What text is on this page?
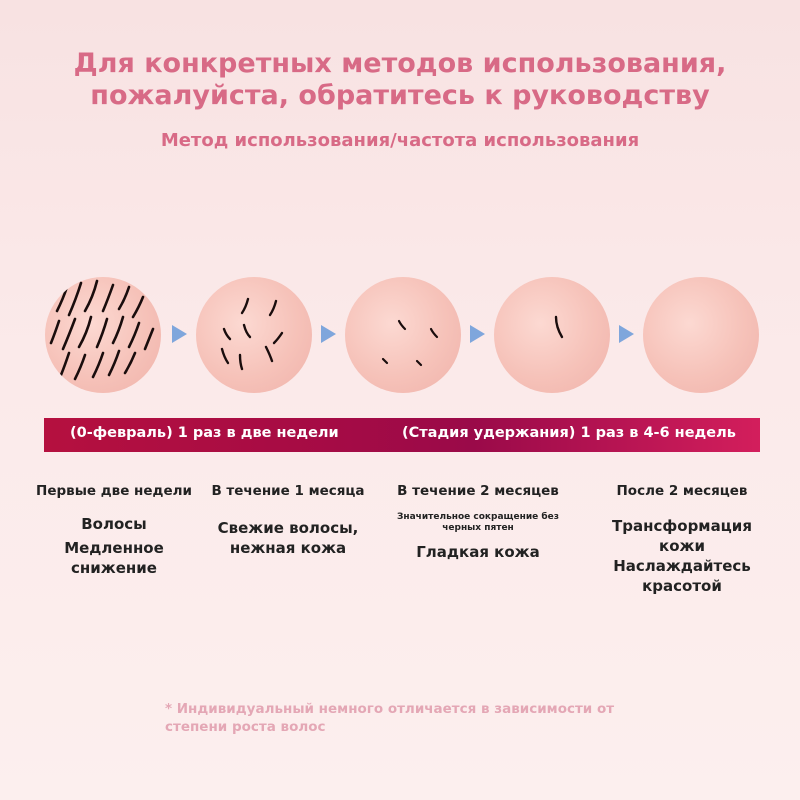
Для конкретных методов использования,
пожалуйста, обратитесь к руководству
Метод использования/частота использования
(0-февраль) 1 раз в две недели	(Стадия удержания) 1 раз в 4-6 недель
Первые две недели
Волосы
Медленное
снижение
В течение 1 месяца
Свежие волосы,
нежная кожа
В течение 2 месяцев
Значительное сокращение без черных пятен
Гладкая кожа
После 2 месяцев
Трансформация кожи
Наслаждайтесь
красотой
* Индивидуальный немного отличается в зависимости от
степени роста волос
